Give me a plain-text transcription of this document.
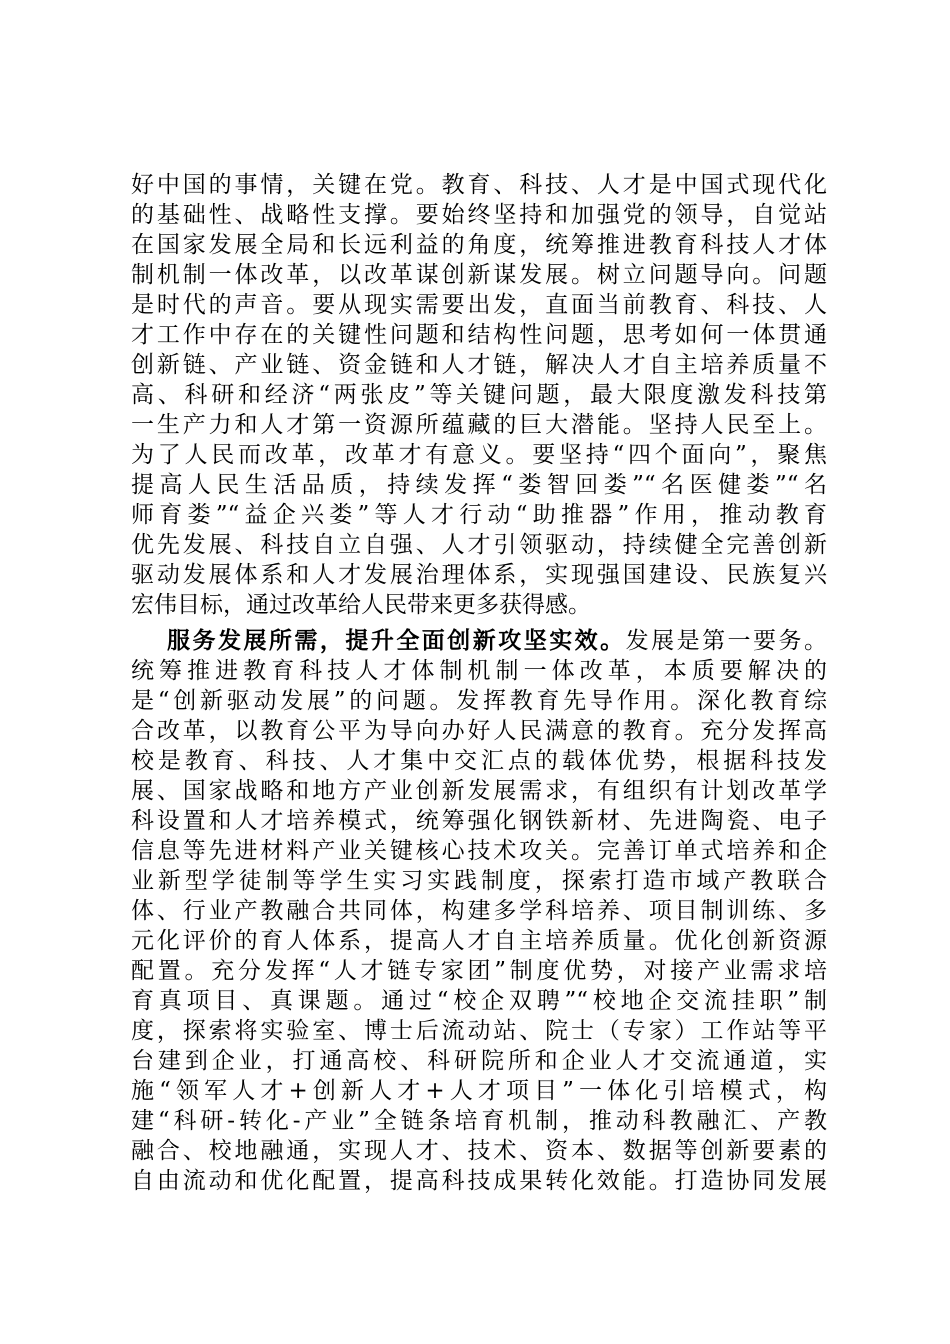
好中国的事情，关键在党。教育、科技、人才是中国式现代化
的基础性、战略性支撑。要始终坚持和加强党的领导，自觉站
在国家发展全局和长远利益的角度，统筹推进教育科技人才体
制机制一体改革，以改革谋创新谋发展。树立问题导向。问题
是时代的声音。要从现实需要出发，直面当前教育、科技、人
才工作中存在的关键性问题和结构性问题，思考如何一体贯通
创新链、产业链、资金链和人才链，解决人才自主培养质量不
高、科研和经济“两张皮”等关键问题，最大限度激发科技第
一生产力和人才第一资源所蕴藏的巨大潜能。坚持人民至上。
为了人民而改革，改革才有意义。要坚持“四个面向”，聚焦
提高人民生活品质，持续发挥“娄智回娄”“名医健娄”“名
师育娄”“益企兴娄”等人才行动“助推器”作用，推动教育
优先发展、科技自立自强、人才引领驱动，持续健全完善创新
驱动发展体系和人才发展治理体系，实现强国建设、民族复兴
宏伟目标，通过改革给人民带来更多获得感。
服务发展所需，提升全面创新攻坚实效。发展是第一要务。
统筹推进教育科技人才体制机制一体改革，本质要解决的
是“创新驱动发展”的问题。发挥教育先导作用。深化教育综
合改革，以教育公平为导向办好人民满意的教育。充分发挥高
校是教育、科技、人才集中交汇点的载体优势，根据科技发
展、国家战略和地方产业创新发展需求，有组织有计划改革学
科设置和人才培养模式，统筹强化钢铁新材、先进陶瓷、电子
信息等先进材料产业关键核心技术攻关。完善订单式培养和企
业新型学徒制等学生实习实践制度，探索打造市域产教联合
体、行业产教融合共同体，构建多学科培养、项目制训练、多
元化评价的育人体系，提高人才自主培养质量。优化创新资源
配置。充分发挥“人才链专家团”制度优势，对接产业需求培
育真项目、真课题。通过“校企双聘”“校地企交流挂职”制
度，探索将实验室、博士后流动站、院士（专家）工作站等平
台建到企业，打通高校、科研院所和企业人才交流通道，实
施“领军人才+创新人才+人才项目”一体化引培模式，构
建“科研-转化-产业”全链条培育机制，推动科教融汇、产教
融合、校地融通，实现人才、技术、资本、数据等创新要素的
自由流动和优化配置，提高科技成果转化效能。打造协同发展
